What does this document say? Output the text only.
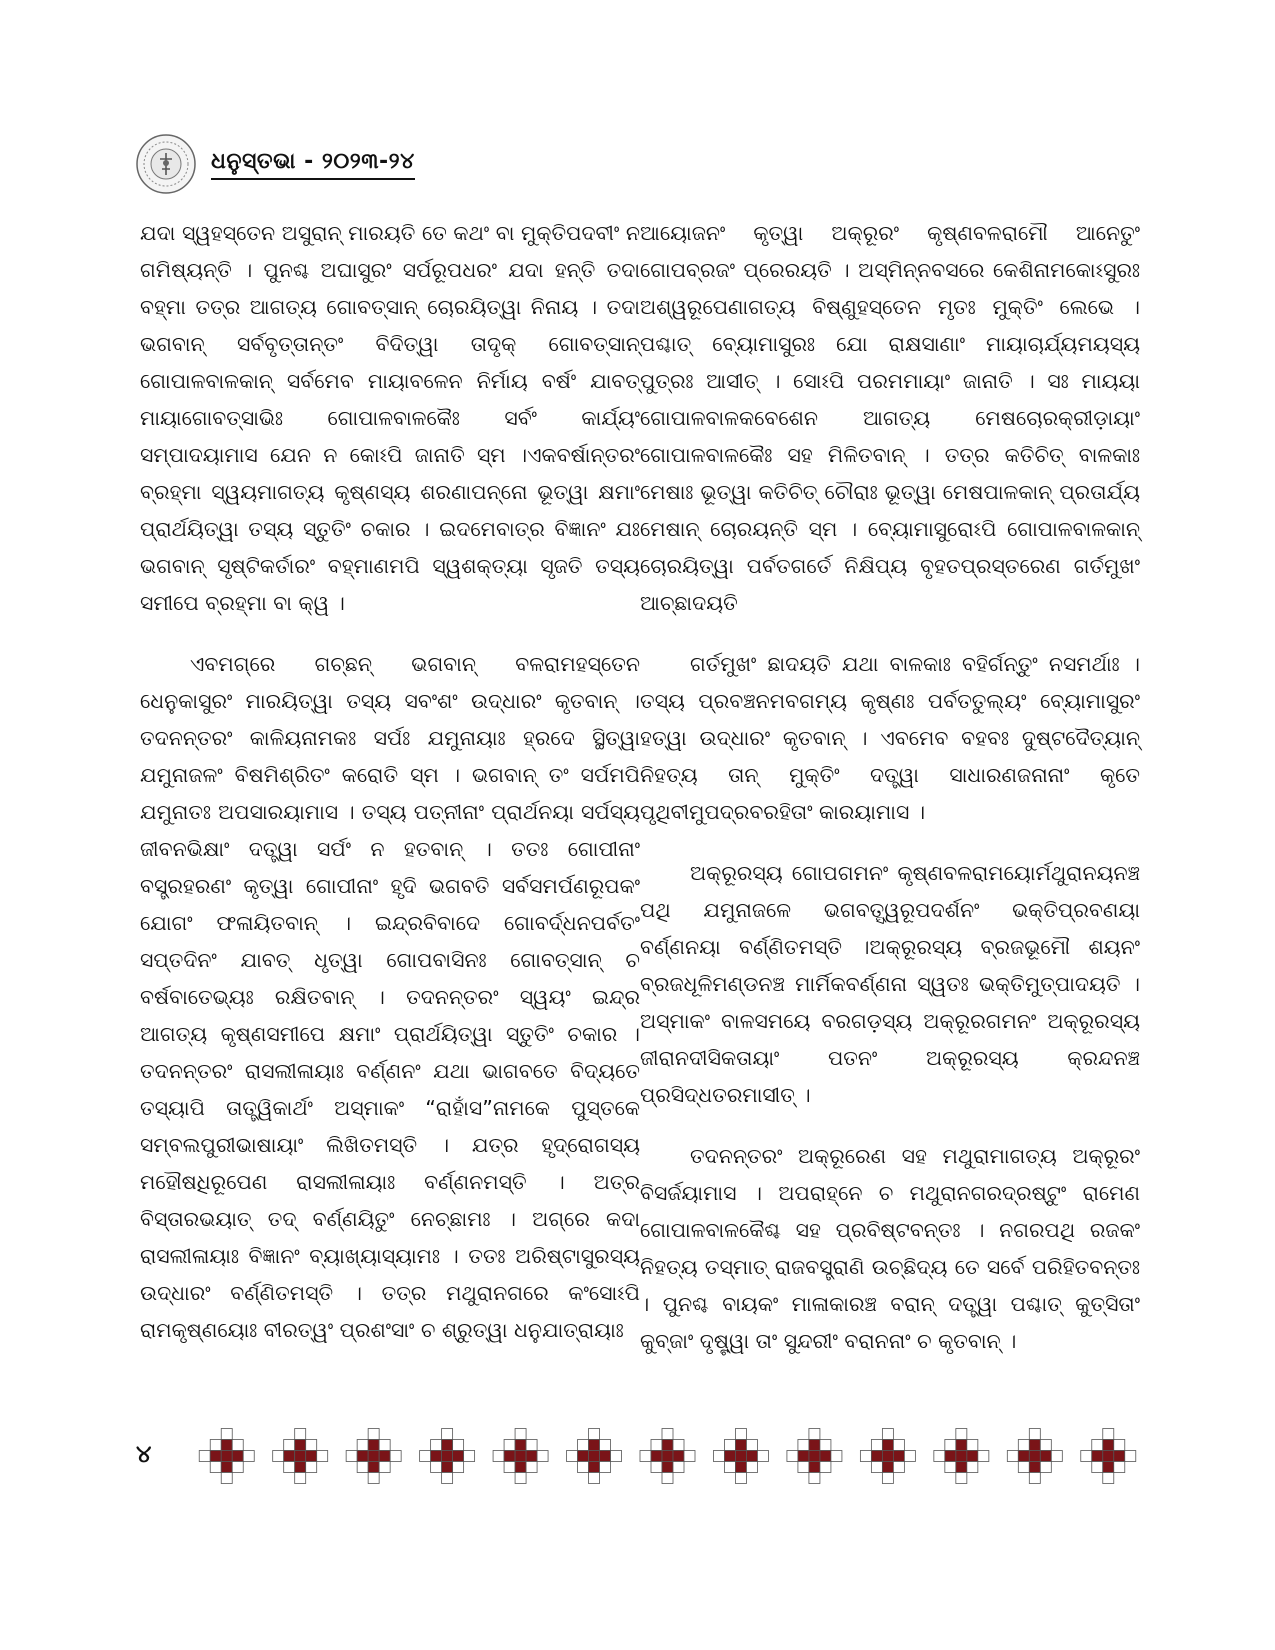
ଧନୁସ୍ତଭା - ୨୦୨୩-୨୪

ଯଦା ସ୍ୱହସ୍ତେନ ଅସୁରାନ୍ ମାରୟତି ତେ କଥଂ ବା ମୁକ୍ତିପଦବୀଂ ନ ଗମିଷ୍ୟନ୍ତି । ପୁନଶ୍ଚ ଅଘାସୁରଂ ସର୍ପରୂପଧରଂ ଯଦା ହନ୍ତି ତଦା ବହ୍ମା ତତ୍ର ଆଗତ୍ୟ ଗୋବତ୍ସାନ୍ ଚୋରୟିତ୍ୱା ନିନାୟ । ତଦା ଭଗବାନ୍ ସର୍ବବୃତ୍ତାନ୍ତଂ ବିଦିତ୍ୱା ତାଦୃକ୍ ଗୋବତ୍ସାନ୍ ଗୋପାଳବାଳକାନ୍ ସର୍ବମେବ ମାୟାବଳେନ ନିର୍ମାୟ ବର୍ଷଂ ଯାବତ୍ ମାୟାଗୋବତ୍ସାଭିଃ ଗୋପାଳବାଳକୈଃ ସର୍ବଂ କାର୍ଯ୍ୟଂ ସମ୍ପାଦୟାମାସ ଯେନ ନ କୋଽପି ଜାନାତି ସ୍ମ ।ଏକବର୍ଷାନ୍ତରଂ ବ୍ରହ୍ମା ସ୍ୱୟମାଗତ୍ୟ କୃଷ୍ଣସ୍ୟ ଶରଣାପନ୍ନୋ ଭୂତ୍ୱା କ୍ଷମାଂ ପ୍ରାର୍ଥୟିତ୍ୱା ତସ୍ୟ ସ୍ତୁତିଂ ଚକାର । ଇଦମେବାତ୍ର ବିଜ୍ଞାନଂ ଯଃ ଭଗବାନ୍ ସୃଷ୍ଟିକର୍ତାରଂ ବହ୍ମାଣମପି ସ୍ୱଶକ୍ତ୍ୟା ସୃଜତି ତସ୍ୟ ସମୀପେ ବ୍ରହ୍ମା ବା କ୍ୱ ।

ଏବମଗ୍ରେ ଗଚ୍ଛନ୍ ଭଗବାନ୍ ବଳରାମହସ୍ତେନ ଧେନୁକାସୁରଂ ମାରୟିତ୍ୱା ତସ୍ୟ ସବଂଶଂ ଉଦ୍ଧାରଂ କୃତବାନ୍ । ତଦନନ୍ତରଂ କାଳିୟନାମକଃ ସର୍ପଃ ଯମୁନାୟାଃ ହ୍ରଦେ ସ୍ଥିତ୍ୱା ଯମୁନାଜଳଂ ବିଷମିଶ୍ରିତଂ କରୋତି ସ୍ମ । ଭଗବାନ୍ ତଂ ସର୍ପମପି ଯମୁନାତଃ ଅପସାରୟାମାସ । ତସ୍ୟ ପତ୍ନୀନାଂ ପ୍ରାର୍ଥନୟା ସର୍ପସ୍ୟ ଜୀବନଭିକ୍ଷାଂ ଦତ୍ତ୍ୱା ସର୍ପଂ ନ ହତବାନ୍ । ତତଃ ଗୋପୀନାଂ ବସ୍ତ୍ରହରଣଂ କୃତ୍ୱା ଗୋପୀନାଂ ହୃଦି ଭଗବତି ସର୍ବସମର୍ପଣରୂପକଂ ଯୋଗଂ ଫଳାୟିତବାନ୍ । ଇନ୍ଦ୍ରବିବାଦେ ଗୋବର୍ଦ୍ଧନପର୍ବତଂ ସପ୍ତଦିନଂ ଯାବତ୍ ଧୃତ୍ୱା ଗୋପବାସିନଃ ଗୋବତ୍ସାନ୍ ଚ ବର୍ଷବାତେଭ୍ୟଃ ରକ୍ଷିତବାନ୍ । ତଦନନ୍ତରଂ ସ୍ୱୟଂ ଇନ୍ଦ୍ର ଆଗତ୍ୟ କୃଷ୍ଣସମୀପେ କ୍ଷମାଂ ପ୍ରାର୍ଥୟିତ୍ୱା ସ୍ତୁତିଂ ଚକାର । ତଦନନ୍ତରଂ ରାସଲୀଳାୟାଃ ବର୍ଣ୍ଣନଂ ଯଥା ଭାଗବତେ ବିଦ୍ୟତେ ତସ୍ୟାପି ତାତ୍ତ୍ୱିକାର୍ଥଂ ଅସ୍ମାକଂ “ରାହାଁସ”ନାମକେ ପୁସ୍ତକେ ସମ୍ବଲପୁରୀଭାଷାୟାଂ ଲିଖିତମସ୍ତି । ଯତ୍ର ହୃଦ୍ରୋଗସ୍ୟ ମହୌଷଧିରୂପେଣ ରାସଲୀଳାୟାଃ ବର୍ଣ୍ଣନମସ୍ତି । ଅତ୍ର ବିସ୍ତାରଭୟାତ୍ ତଦ୍ ବର୍ଣ୍ଣୟିତୁଂ ନେଚ୍ଛାମଃ । ଅଗ୍ରେ କଦା ରାସଲୀଳାୟାଃ ବିଜ୍ଞାନଂ ବ୍ୟାଖ୍ୟାସ୍ୟାମଃ । ତତଃ ଅରିଷ୍ଟାସୁରସ୍ୟ ଉଦ୍ଧାରଂ ବର୍ଣ୍ଣିତମସ୍ତି । ତତ୍ର ମଥୁରାନଗରେ କଂସୋଽପି ରାମକୃଷ୍ଣୟୋଃ ବୀରତ୍ୱଂ ପ୍ରଶଂସାଂ ଚ ଶ୍ରୁତ୍ୱା ଧନୁଯାତ୍ରାୟାଃ

ଆୟୋଜନଂ କୃତ୍ୱା ଅକ୍ରୂରଂ କୃଷ୍ଣବଳରାମୌ ଆନେତୁଂ ଗୋପବ୍ରଜଂ ପ୍ରେରୟତି । ଅସ୍ମିନ୍ନବସରେ କେଶିନାମକୋଽସୁରଃ ଅଶ୍ୱରୂପେଣାଗତ୍ୟ ବିଷ୍ଣୁହସ୍ତେନ ମୃତଃ ମୁକ୍ତିଂ ଲେଭେ । ପଶ୍ଚାତ୍ ବ୍ୟୋମାସୁରଃ ଯୋ ରାକ୍ଷସାଣାଂ ମାୟାଚାର୍ଯ୍ୟମୟସ୍ୟ ପୁତ୍ରଃ ଆସୀତ୍ । ସୋଽପି ପରମମାୟାଂ ଜାନାତି । ସଃ ମାୟୟା ଗୋପାଳବାଳକବେଶେନ ଆଗତ୍ୟ ମେଷଚୋରକ୍ରୀଡ଼ାୟାଂ ଗୋପାଳବାଳକୈଃ ସହ ମିଳିତବାନ୍ । ତତ୍ର କତିଚିତ୍ ବାଳକାଃ ମେଷାଃ ଭୂତ୍ୱା କତିଚିତ୍ ଚୌରାଃ ଭୂତ୍ୱା ମେଷପାଳକାନ୍ ପ୍ରତାର୍ଯ୍ୟ ମେଷାନ୍ ଚୋରୟନ୍ତି ସ୍ମ । ବ୍ୟୋମାସୁରୋଽପି ଗୋପାଳବାଳକାନ୍ ଚୋରୟିତ୍ୱା ପର୍ବତଗର୍ତେ ନିକ୍ଷିପ୍ୟ ବୃହତପ୍ରସ୍ତରେଣ ଗର୍ତମୁଖଂ ଆଚ୍ଛାଦୟତି

ଗର୍ତମୁଖଂ ଛାଦୟତି ଯଥା ବାଳକାଃ ବହିର୍ଗନ୍ତୁଂ ନସମର୍ଥାଃ । ତସ୍ୟ ପ୍ରବଞ୍ଚନମବଗମ୍ୟ କୃଷ୍ଣଃ ପର୍ବତତୁଲ୍ୟଂ ବ୍ୟୋମାସୁରଂ ହତ୍ୱା ଉଦ୍ଧାରଂ କୃତବାନ୍ । ଏବମେବ ବହବଃ ଦୁଷ୍ଟଦୈତ୍ୟାନ୍ ନିହତ୍ୟ ତାନ୍ ମୁକ୍ତିଂ ଦତ୍ତ୍ୱା ସାଧାରଣଜନାନାଂ କୃତେ ପୃଥିବୀମୁପଦ୍ରବରହିତାଂ କାରୟାମାସ ।

ଅକ୍ରୂରସ୍ୟ ଗୋପଗମନଂ କୃଷ୍ଣବଳରାମୟୋର୍ମଥୁରାନୟନଞ୍ଚ ପଥି ଯମୁନାଜଳେ ଭଗବତ୍ସ୍ୱରୂପଦର୍ଶନଂ ଭକ୍ତିପ୍ରବଣୟା ବର୍ଣ୍ଣନୟା ବର୍ଣ୍ଣିତମସ୍ତି ।ଅକ୍ରୂରସ୍ୟ ବ୍ରଜଭୂମୌ ଶୟନଂ ବ୍ରଜଧୂଳିମଣ୍ଡନଞ୍ଚ ମାର୍ମିକବର୍ଣ୍ଣନା ସ୍ୱତଃ ଭକ୍ତିମୁତ୍ପାଦୟତି । ଅସ୍ମାକଂ ବାଳସମୟେ ବରଗଡ଼ସ୍ୟ ଅକ୍ରୂରଗମନଂ ଅକ୍ରୂରସ୍ୟ ଜୀରାନଦୀସିକତାୟାଂ ପତନଂ ଅକ୍ରୂରସ୍ୟ କ୍ରନ୍ଦନଞ୍ଚ ପ୍ରସିଦ୍ଧତରମାସୀତ୍ ।

ତଦନନ୍ତରଂ ଅକ୍ରୂରେଣ ସହ ମଥୁରାମାଗତ୍ୟ ଅକ୍ରୂରଂ ବିସର୍ଜୟାମାସ । ଅପରାହ୍ନେ ଚ ମଥୁରାନଗରଦ୍ରଷ୍ଟୁଂ ରାମେଣ ଗୋପାଳବାଳକୈଶ୍ଚ ସହ ପ୍ରବିଷ୍ଟବନ୍ତଃ । ନଗରପଥି ରଜକଂ ନିହତ୍ୟ ତସ୍ମାତ୍ ରାଜବସ୍ତ୍ରାଣି ଉଚ୍ଛିଦ୍ୟ ତେ ସର୍ବେ ପରିହିତବନ୍ତଃ । ପୁନଶ୍ଚ ବାୟକଂ ମାଳାକାରଞ୍ଚ ବରାନ୍ ଦତ୍ତ୍ୱା ପଶ୍ଚାତ୍ କୁତ୍ସିତାଂ କୁବ୍ଜାଂ ଦୃଷ୍ଟ୍ୱା ତାଂ ସୁନ୍ଦରୀଂ ବରାନନାଂ ଚ କୃତବାନ୍ ।

୪
